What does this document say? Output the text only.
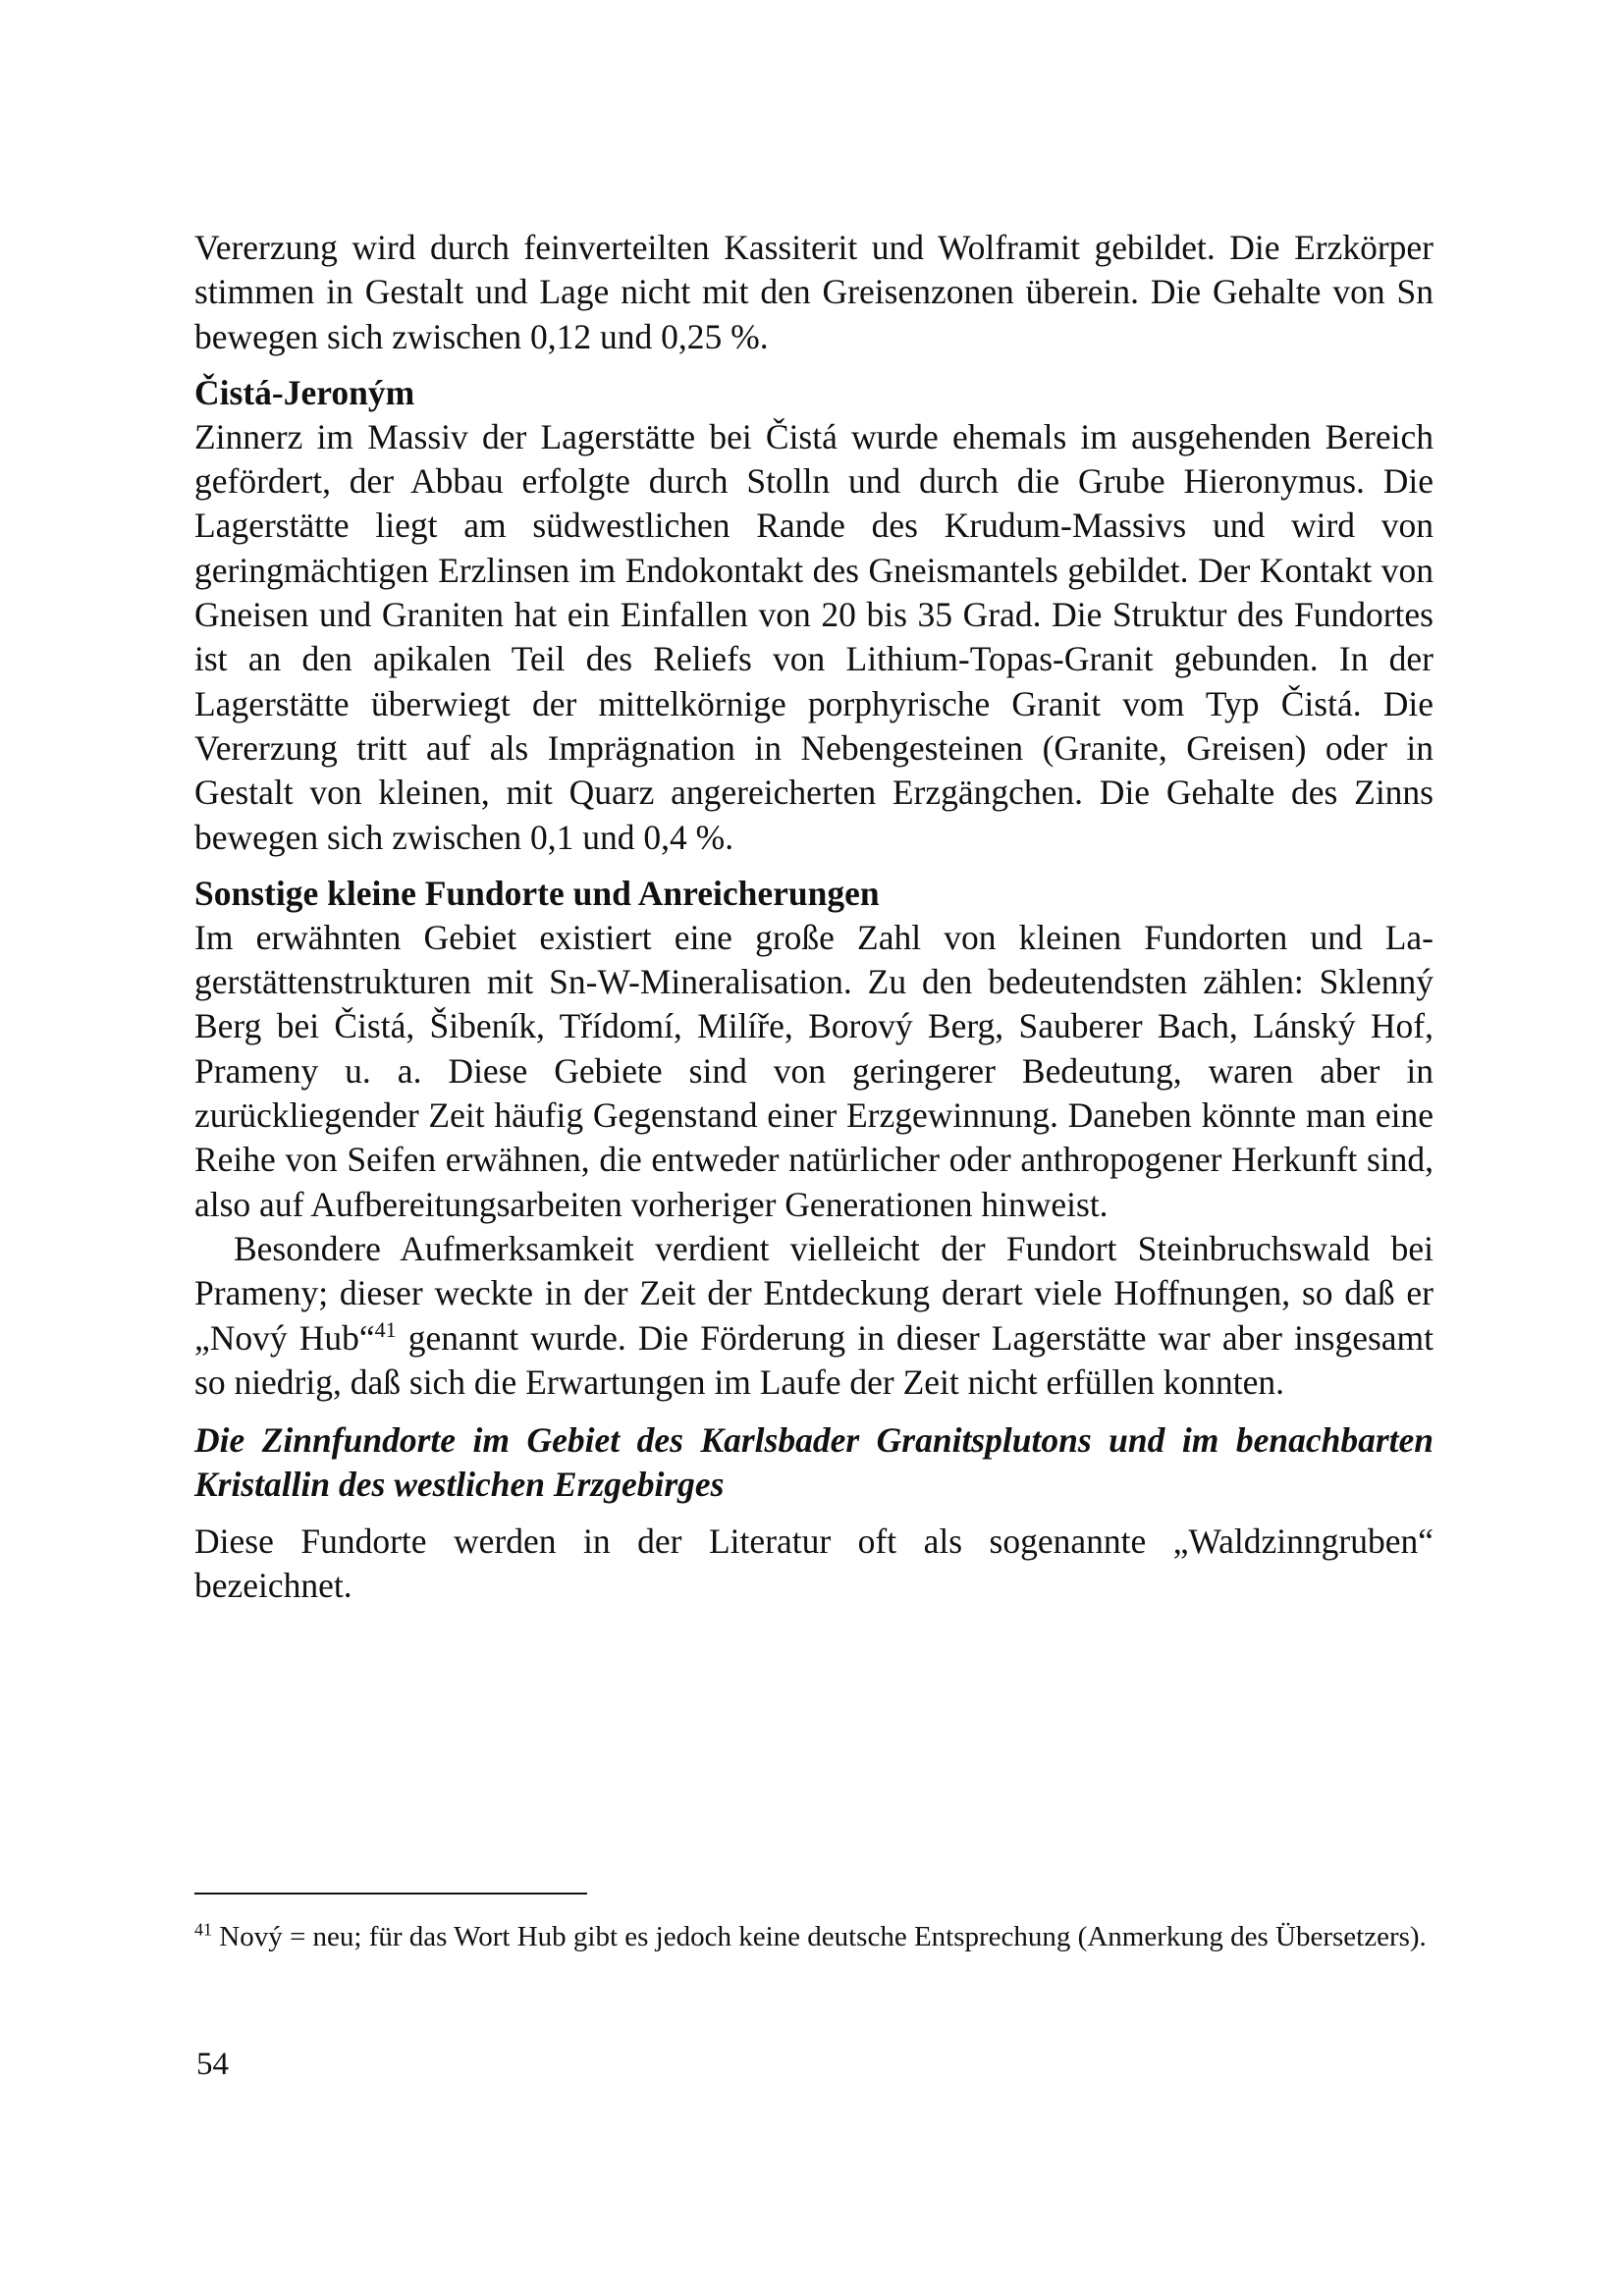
Vererzung wird durch feinverteilten Kassiterit und Wolframit gebildet. Die Erzkörper stimmen in Gestalt und Lage nicht mit den Greisenzonen überein. Die Gehalte von Sn bewegen sich zwischen 0,12 und 0,25 %.

Čistá-Jeroným

Zinnerz im Massiv der Lagerstätte bei Čistá wurde ehemals im ausgehenden Bereich gefördert, der Abbau erfolgte durch Stolln und durch die Grube Hieronymus. Die Lagerstätte liegt am südwestlichen Rande des Krudum-Massivs und wird von geringmächtigen Erzlinsen im Endokontakt des Gneismantels gebildet. Der Kontakt von Gneisen und Graniten hat ein Einfallen von 20 bis 35 Grad. Die Struktur des Fundortes ist an den apikalen Teil des Reliefs von Lithium-Topas-Granit gebunden. In der Lagerstätte überwiegt der mittelkörnige porphyrische Granit vom Typ Čistá. Die Vererzung tritt auf als Imprägnation in Nebengesteinen (Granite, Greisen) oder in Gestalt von kleinen, mit Quarz angereicherten Erzgängchen. Die Gehalte des Zinns bewegen sich zwischen 0,1 und 0,4 %.

Sonstige kleine Fundorte und Anreicherungen

Im erwähnten Gebiet existiert eine große Zahl von kleinen Fundorten und Lagerstättenstrukturen mit Sn-W-Mineralisation. Zu den bedeutendsten zählen: Sklenný Berg bei Čistá, Šibeník, Třídomí, Milíře, Borový Berg, Sauberer Bach, Lánský Hof, Prameny u. a. Diese Gebiete sind von geringerer Bedeutung, waren aber in zurückliegender Zeit häufig Gegenstand einer Erzgewinnung. Daneben könnte man eine Reihe von Seifen erwähnen, die entweder natürlicher oder anthropogener Herkunft sind, also auf Aufbereitungsarbeiten vorheriger Generationen hinweist.

Besondere Aufmerksamkeit verdient vielleicht der Fundort Steinbruchswald bei Prameny; dieser weckte in der Zeit der Entdeckung derart viele Hoffnungen, so daß er „Nový Hub“$^{41}$ genannt wurde. Die Förderung in dieser Lagerstätte war aber insgesamt so niedrig, daß sich die Erwartungen im Laufe der Zeit nicht erfüllen konnten.

Die Zinnfundorte im Gebiet des Karlsbader Granitsplutons und im benachbarten Kristallin des westlichen Erzgebirges

Diese Fundorte werden in der Literatur oft als sogenannte „Waldzinngruben“ bezeichnet.

$^{41}$ Nový = neu; für das Wort Hub gibt es jedoch keine deutsche Entsprechung (Anmerkung des Übersetzers).

54
